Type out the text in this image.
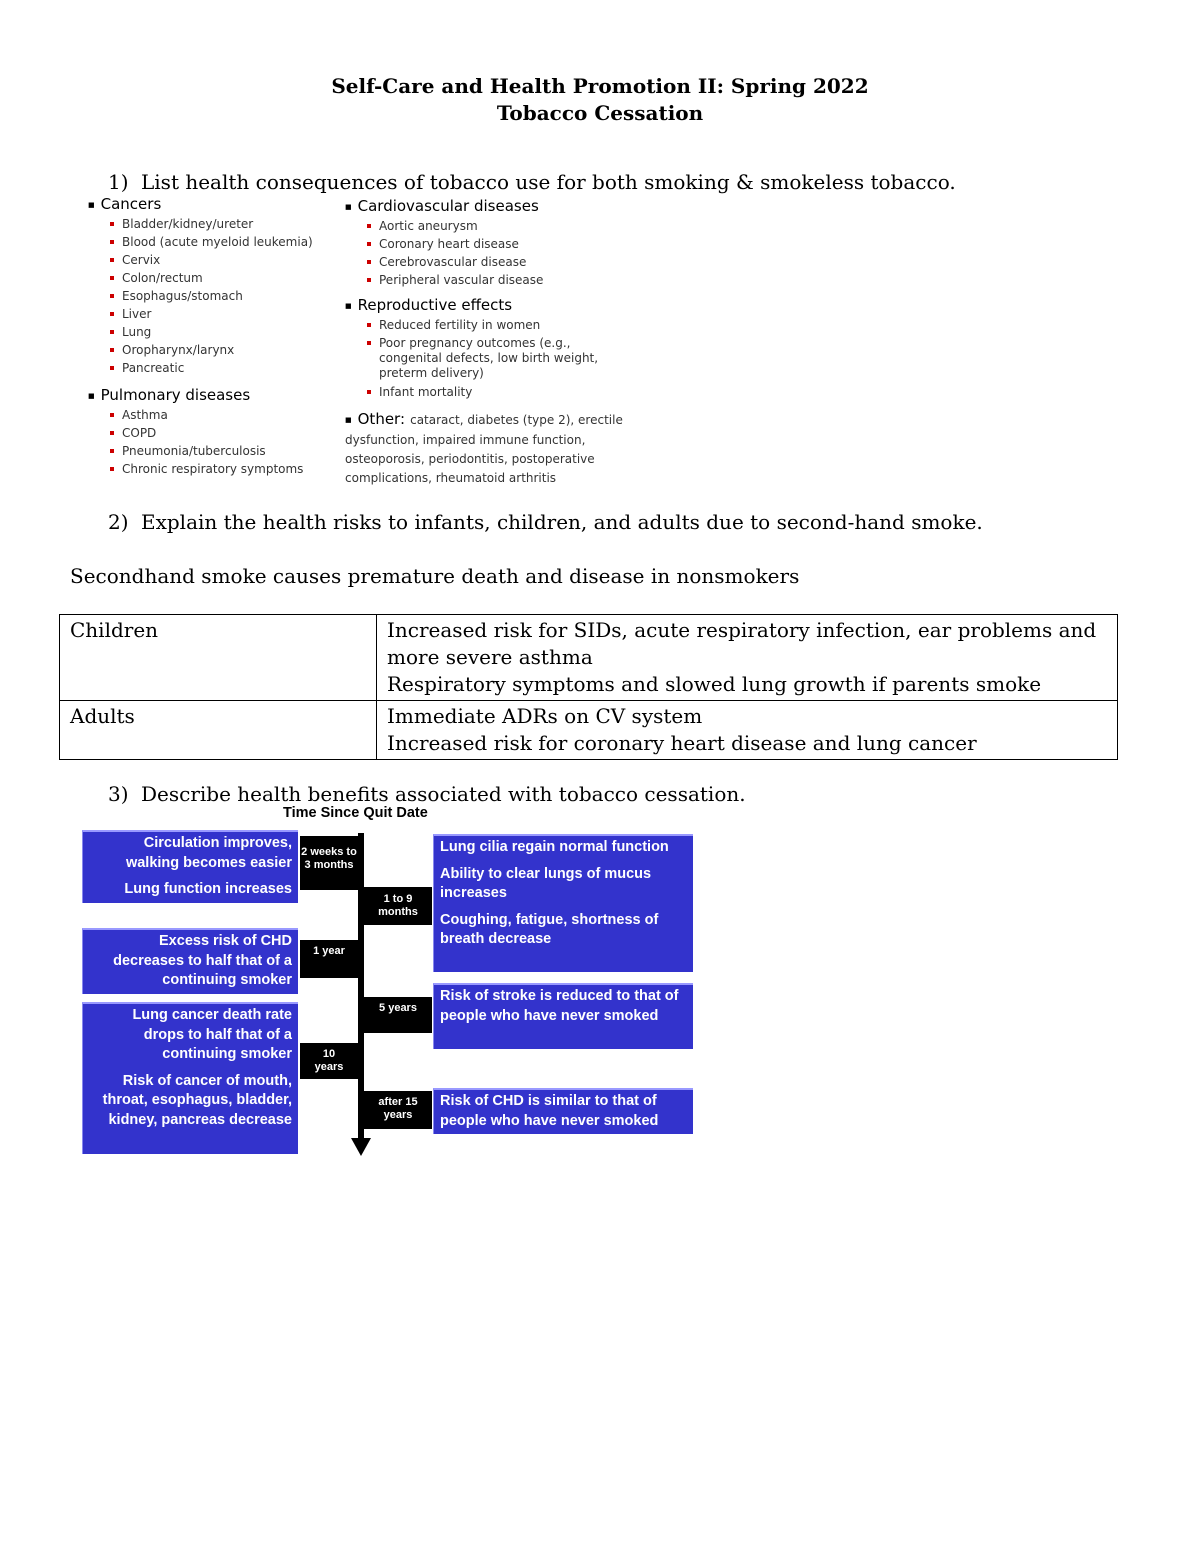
Self-Care and Health Promotion II: Spring 2022
Tobacco Cessation
1) List health consequences of tobacco use for both smoking & smokeless tobacco.
■ Cancers
Bladder/kidney/ureter
Blood (acute myeloid leukemia)
Cervix
Colon/rectum
Esophagus/stomach
Liver
Lung
Oropharynx/larynx
Pancreatic
■ Pulmonary diseases
Asthma
COPD
Pneumonia/tuberculosis
Chronic respiratory symptoms
■ Cardiovascular diseases
Aortic aneurysm
Coronary heart disease
Cerebrovascular disease
Peripheral vascular disease
■ Reproductive effects
Reduced fertility in women
Poor pregnancy outcomes (e.g., congenital defects, low birth weight, preterm delivery)
Infant mortality
■ Other: cataract, diabetes (type 2), erectile dysfunction, impaired immune function, osteoporosis, periodontitis, postoperative complications, rheumatoid arthritis
2) Explain the health risks to infants, children, and adults due to second-hand smoke.
Secondhand smoke causes premature death and disease in nonsmokers
Children	Increased risk for SIDs, acute respiratory infection, ear problems and more severe asthma
Respiratory symptoms and slowed lung growth if parents smoke

Adults	Immediate ADRs on CV system
Increased risk for coronary heart disease and lung cancer
3) Describe health benefits associated with tobacco cessation.
Time Since Quit Date
2 weeks to 3 months
1 to 9 months
1 year
5 years
10 years
after 15 years
Circulation improves, walking becomes easier
Lung function increases
Excess risk of CHD decreases to half that of a continuing smoker
Lung cancer death rate drops to half that of a continuing smoker
Risk of cancer of mouth, throat, esophagus, bladder, kidney, pancreas decrease
Lung cilia regain normal function
Ability to clear lungs of mucus increases
Coughing, fatigue, shortness of breath decrease
Risk of stroke is reduced to that of people who have never smoked
Risk of CHD is similar to that of people who have never smoked
